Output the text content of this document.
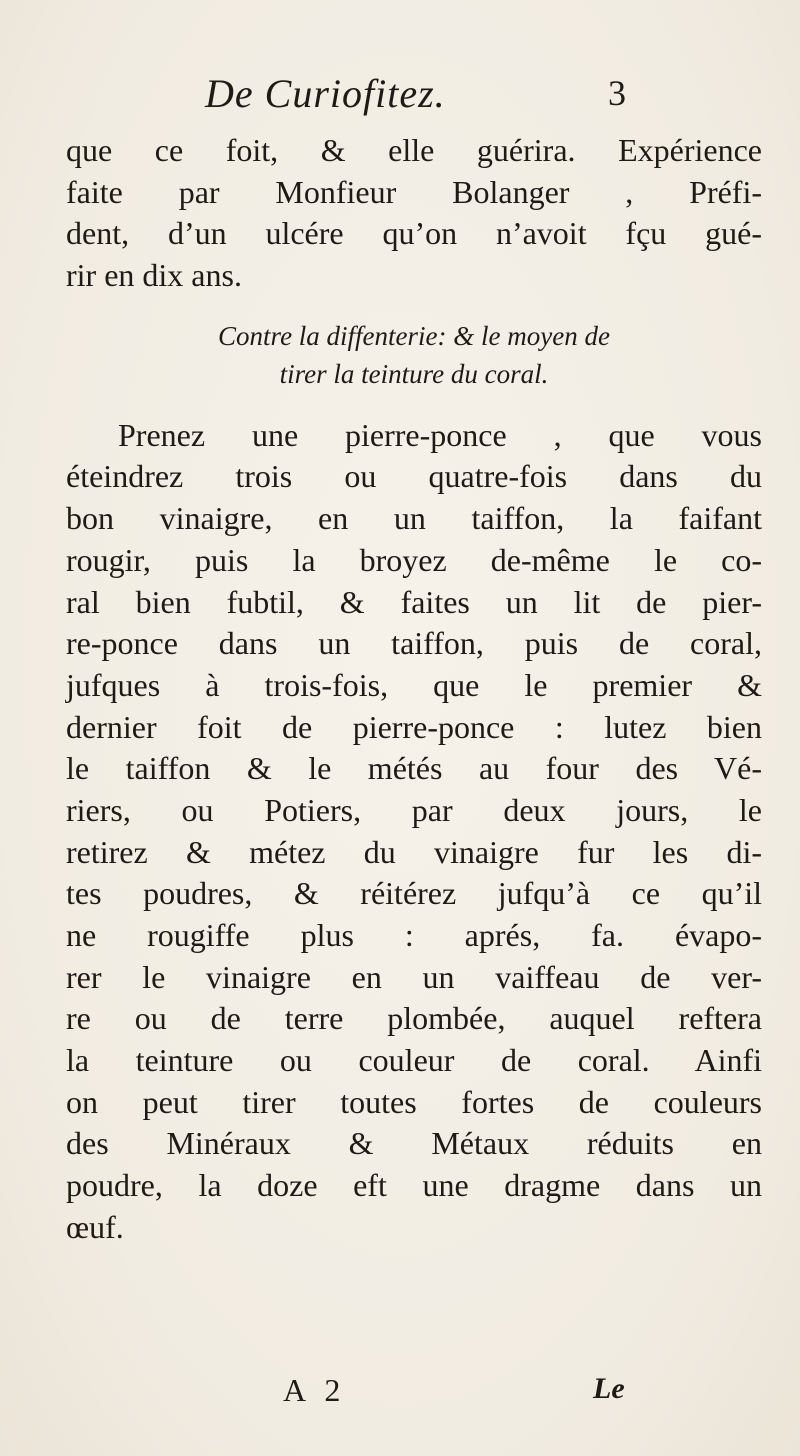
De Curiofitez.	3
que ce foit, & elle guérira. Expérience
faite par Monfieur Bolanger , Préfi-
dent, d’un ulcére qu’on n’avoit fçu gué-
rir en dix ans.
Contre la diffenterie: & le moyen de
tirer la teinture du coral.
Prenez une pierre-ponce , que vous
éteindrez trois ou quatre-fois dans du
bon vinaigre, en un taiffon, la faifant
rougir, puis la broyez de-même le co-
ral bien fubtil, & faites un lit de pier-
re-ponce dans un taiffon, puis de coral,
jufques à trois-fois, que le premier &
dernier foit de pierre-ponce : lutez bien
le taiffon & le métés au four des Vé-
riers, ou Potiers, par deux jours, le
retirez & métez du vinaigre fur les di-
tes poudres, & réitérez jufqu’à ce qu’il
ne rougiffe plus : aprés, fa. évapo-
rer le vinaigre en un vaiffeau de ver-
re ou de terre plombée, auquel reftera
la teinture ou couleur de coral. Ainfi
on peut tirer toutes fortes de couleurs
des Minéraux & Métaux réduits en
poudre, la doze eft une dragme dans un
œuf.
A 2	Le
